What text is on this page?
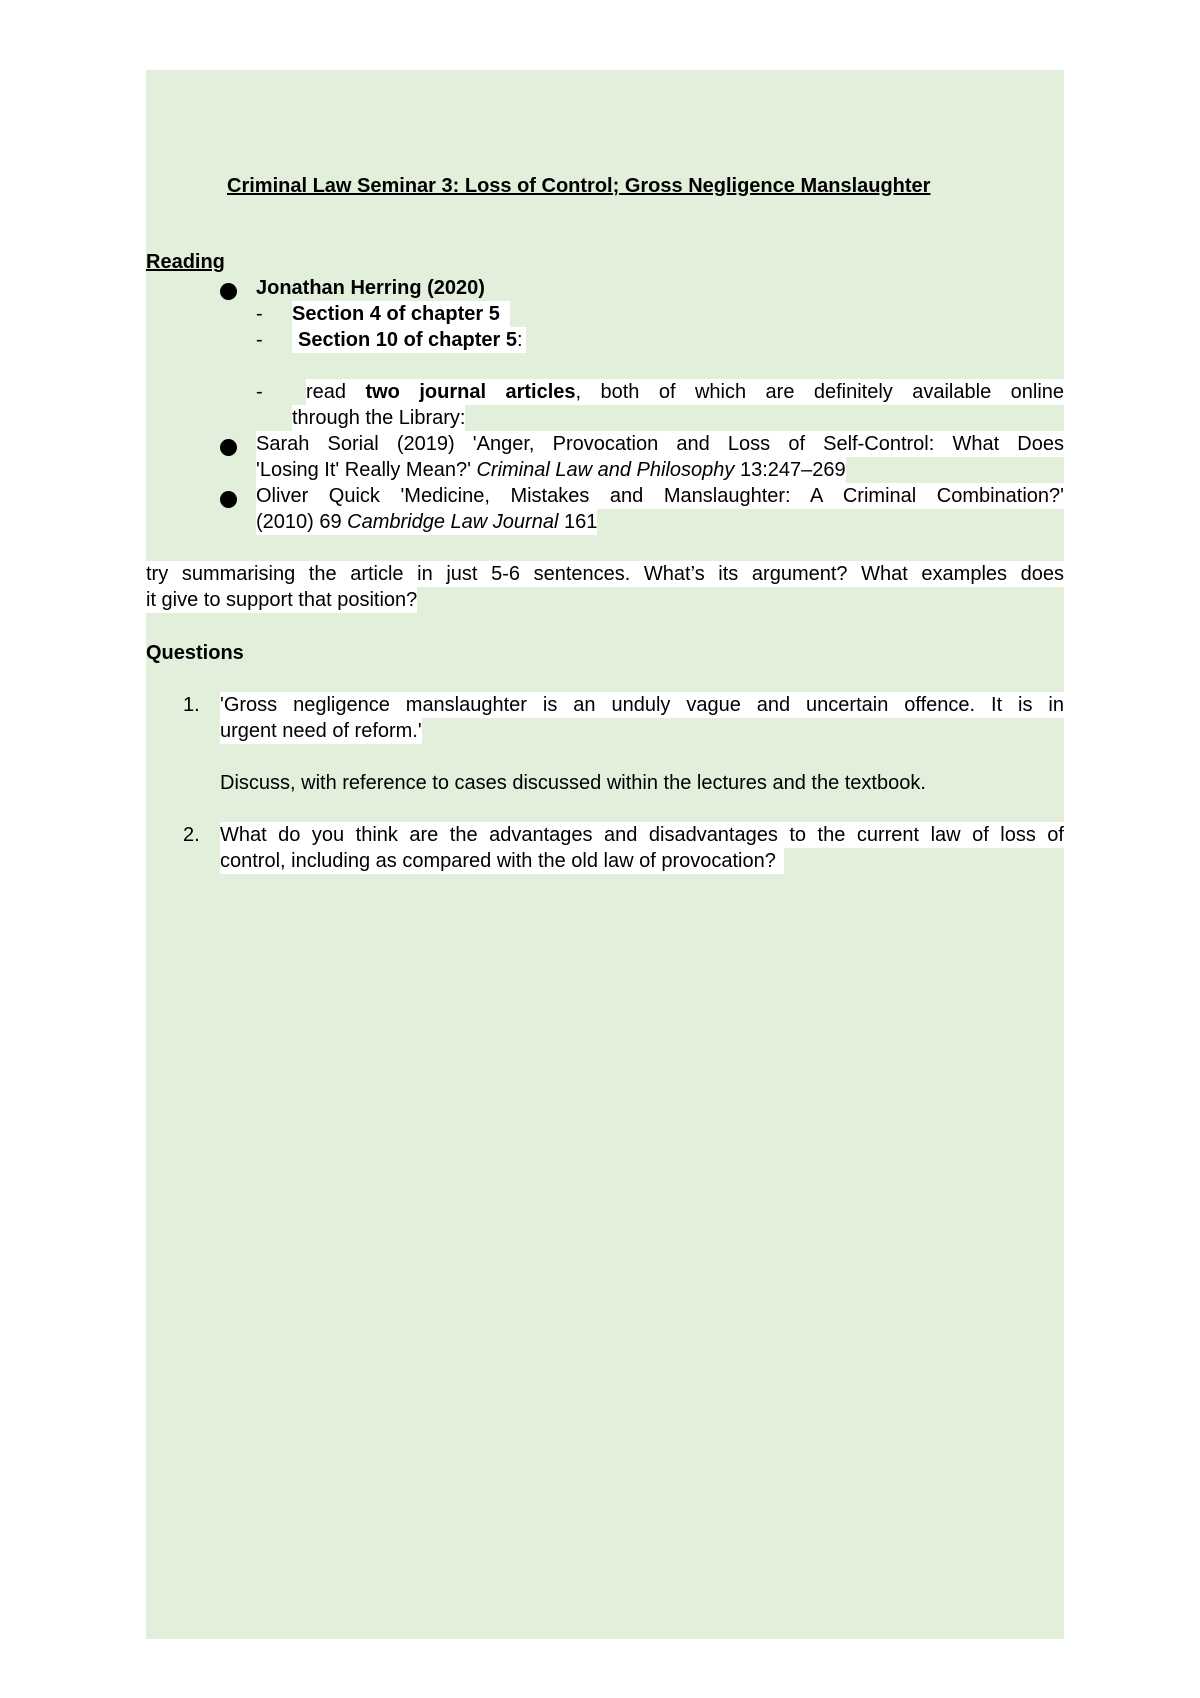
Criminal Law Seminar 3: Loss of Control; Gross Negligence Manslaughter
Reading
Jonathan Herring (2020)
- Section 4 of chapter 5
-	Section 10 of chapter 5:
- read two journal articles, both of which are definitely available online
through the Library:
Sarah Sorial (2019) 'Anger, Provocation and Loss of Self-Control: What Does
'Losing It' Really Mean?' Criminal Law and Philosophy 13:247–269
Oliver Quick 'Medicine, Mistakes and Manslaughter: A Criminal Combination?'
(2010) 69 Cambridge Law Journal 161
try summarising the article in just 5-6 sentences. What’s its argument? What examples does
it give to support that position?
Questions
1. 'Gross negligence manslaughter is an unduly vague and uncertain offence. It is in
urgent need of reform.'
Discuss, with reference to cases discussed within the lectures and the textbook.
2. What do you think are the advantages and disadvantages to the current law of loss of
control, including as compared with the old law of provocation?
